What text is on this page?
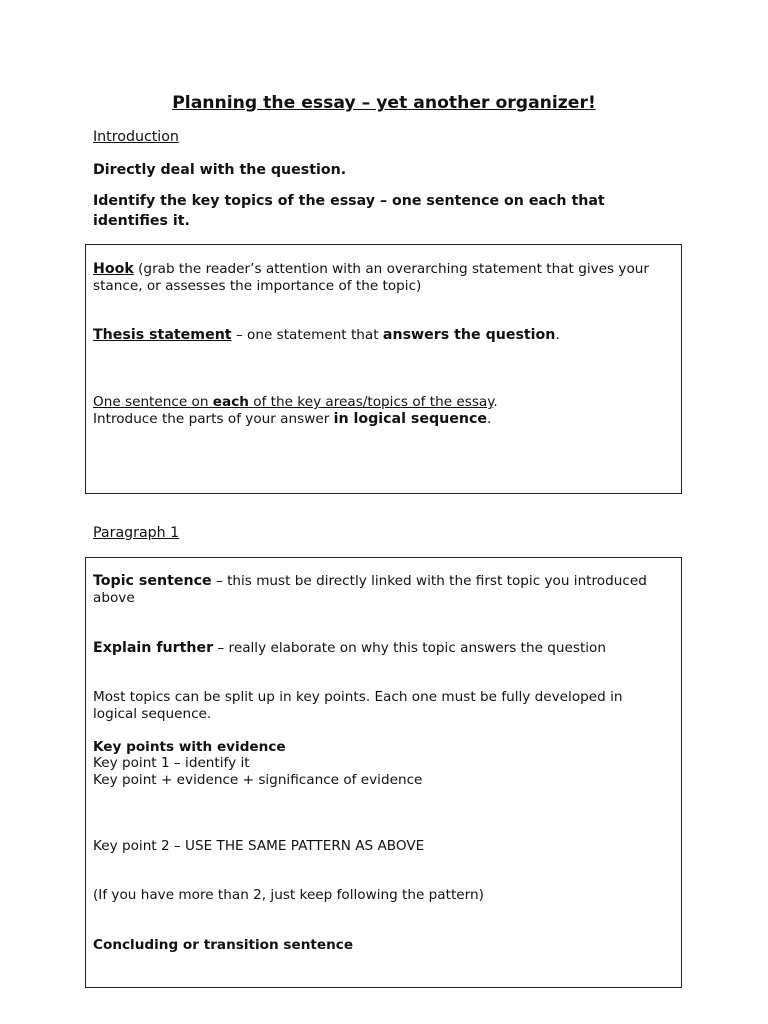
Planning the essay – yet another organizer!
Introduction
Directly deal with the question.
Identify the key topics of the essay – one sentence on each that identifies it.
Hook (grab the reader’s attention with an overarching statement that gives your stance, or assesses the importance of the topic)
Thesis statement – one statement that answers the question.
One sentence on each of the key areas/topics of the essay.
Introduce the parts of your answer in logical sequence.
Paragraph 1
Topic sentence – this must be directly linked with the first topic you introduced above
Explain further – really elaborate on why this topic answers the question
Most topics can be split up in key points. Each one must be fully developed in logical sequence.
Key points with evidence
Key point 1 – identify it
Key point + evidence + significance of evidence
Key point 2 – USE THE SAME PATTERN AS ABOVE
(If you have more than 2, just keep following the pattern)
Concluding or transition sentence
